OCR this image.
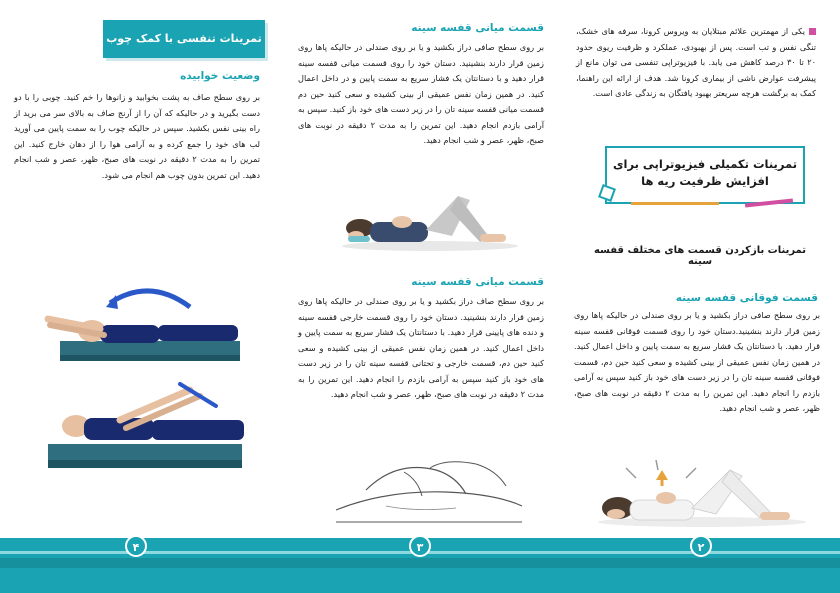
تمرینات تنفسی با کمک چوب
وضعیت خوابیده
بر روی سطح صاف به پشت بخوابید و زانوها را خم کنید. چوبی را با دو دست بگیرید و در حالیکه که آن را از آرنج صاف به بالای سر می برید از راه بینی نفس بکشید. سپس در حالیکه چوب را به سمت پایین می آورید لب های خود را جمع کرده و به آرامی هوا را از دهان خارج کنید. این تمرین را به مدت ۲ دقیقه در نوبت های صبح، ظهر، عصر و شب انجام دهید. این تمرین بدون چوب هم انجام می شود.
۴
قسمت میانی قفسه سینه
بر روی سطح صافی دراز بکشید و یا بر روی صندلی در حالیکه پاها روی زمین قرار دارند بنشینید. دستان خود را روی قسمت میانی قفسه سینه قرار دهید و با دستانتان یک فشار سریع به سمت پایین و در داخل اعمال کنید. در همین زمان نفس عمیقی از بینی کشیده و سعی کنید حین دم قسمت میانی قفسه سینه تان را در زیر دست های خود باز کنید. سپس به آرامی بازدم انجام دهید. این تمرین را به مدت ۲ دقیقه در نوبت های صبح، ظهر، عصر و شب انجام دهید.
قسمت میانی قفسه سینه
بر روی سطح صاف دراز بکشید و یا بر روی صندلی در حالیکه پاها روی زمین قرار دارند بنشینید. دستان خود را روی قسمت خارجی قفسه سینه و دنده های پایینی قرار دهید. با دستانتان یک فشار سریع به سمت پایین و داخل اعمال کنید. در همین زمان نفس عمیقی از بینی کشیده و سعی کنید حین دم، قسمت خارجی و تحتانی قفسه سینه تان را در زیر دست های خود باز کنید سپس به آرامی بازدم را انجام دهید. این تمرین را به مدت ۲ دقیقه در نوبت های صبح، ظهر، عصر و شب انجام دهید.
۳
یکی از مهمترین علائم مبتلایان به ویروس کرونا، سرفه های خشک، تنگی نفس و تب است. پس از بهبودی، عملکرد و ظرفیت ریوی حدود ۲۰ تا ۳۰ درصد کاهش می یابد. با فیزیوتراپی تنفسی می توان مانع از پیشرفت عوارض ناشی از بیماری کرونا شد. هدف از ارائه این راهنما، کمک به برگشت هرچه سریعتر بهبود یافتگان به زندگی عادی است.
۲
تمرینات تکمیلی فیزیوتراپی برای افزایش ظرفیت ریه ها
تمرینات بازکردن قسمت های مختلف قفسه سینه
قسمت فوقانی قفسه سینه
بر روی سطح صافی دراز بکشید و یا بر روی صندلی در حالیکه پاها روی زمین قرار دارند بنشینید.دستان خود را روی قسمت فوقانی قفسه سینه قرار دهید. با دستانتان یک فشار سریع به سمت پایین و داخل اعمال کنید. در همین زمان نفس عمیقی از بینی کشیده و سعی کنید حین دم، قسمت فوقانی قفسه سینه تان را در زیر دست های خود باز کنید سپس به آرامی بازدم را انجام دهید. این تمرین را به مدت ۲ دقیقه در نوبت های صبح، ظهر، عصر و شب انجام دهید.
